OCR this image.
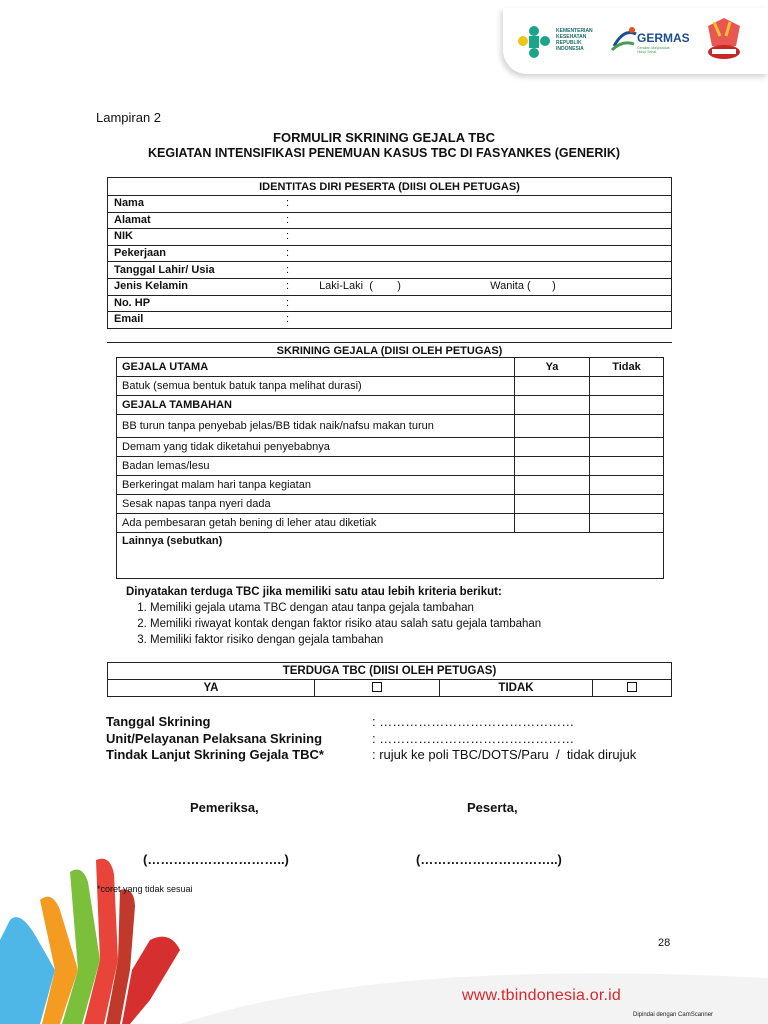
KEMENTERIAN
KESEHATAN
REPUBLIK
INDONESIA
GERMAS
Gerakan Masyarakat Hidup Sehat
Lampiran 2
FORMULIR SKRINING GEJALA TBC
KEGIATAN INTENSIFIKASI PENEMUAN KASUS TBC DI FASYANKES (GENERIK)
IDENTITAS DIRI PESERTA (DIISI OLEH PETUGAS)	
Nama	:
Alamat	:
NIK	:
Pekerjaan	:
Tanggal Lahir/ Usia	:
Jenis Kelamin	: Laki-Laki  (        ) Wanita (       )
No. HP	:
Email	:
SKRINING GEJALA (DIISI OLEH PETUGAS)
GEJALA UTAMA	Ya	Tidak
Batuk (semua bentuk batuk tanpa melihat durasi)		
GEJALA TAMBAHAN		
BB turun tanpa penyebab jelas/BB tidak naik/nafsu makan turun		
Demam yang tidak diketahui penyebabnya		
Badan lemas/lesu		
Berkeringat malam hari tanpa kegiatan		
Sesak napas tanpa nyeri dada		
Ada pembesaran getah bening di leher atau diketiak		
Lainnya (sebutkan)		
Dinyatakan terduga TBC jika memiliki satu atau lebih kriteria berikut:
1. Memiliki gejala utama TBC dengan atau tanpa gejala tambahan
2. Memiliki riwayat kontak dengan faktor risiko atau salah satu gejala tambahan
3. Memiliki faktor risiko dengan gejala tambahan
TERDUGA TBC (DIISI OLEH PETUGAS)
YA		TIDAK	
Tanggal Skrining	: ………………………………………
Unit/Pelayanan Pelaksana Skrining	: ………………………………………
Tindak Lanjut Skrining Gejala TBC*	: rujuk ke poli TBC/DOTS/Paru  /  tidak dirujuk
Pemeriksa,	Peserta,
(…………………………..)	(…………………………..)
*coret yang tidak sesuai
28
www.tbindonesia.or.id
Dipindai dengan CamScanner
